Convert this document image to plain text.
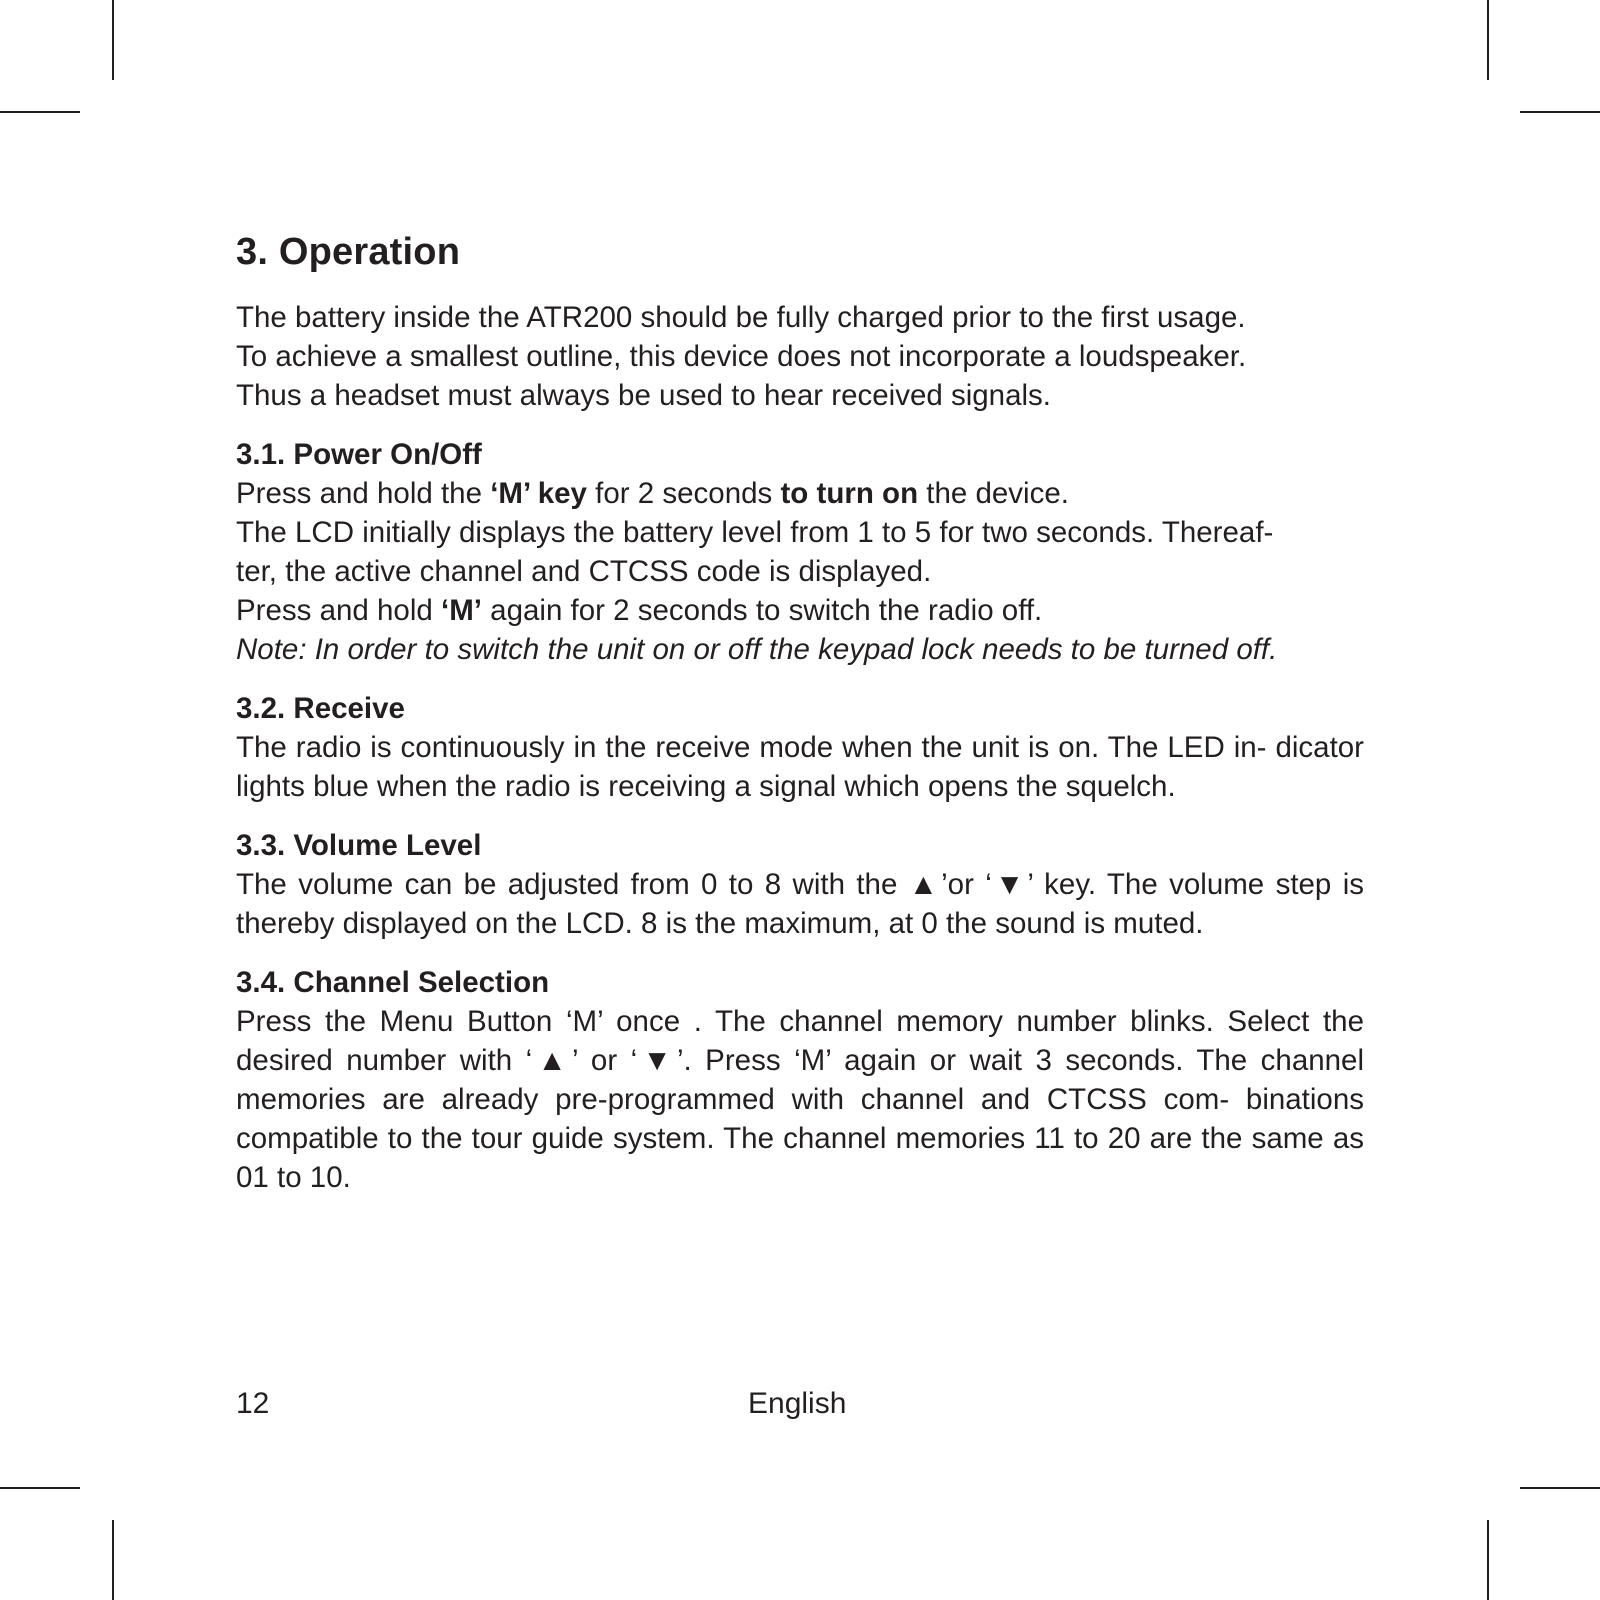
3. Operation

The battery inside the ATR200 should be fully charged prior to the first usage.

To achieve a smallest outline, this device does not incorporate a loudspeaker.

Thus a headset must always be used to hear received signals.

3.1. Power On/Off

Press and hold the ‘M’ key for 2 seconds to turn on the device.

The LCD initially displays the battery level from 1 to 5 for two seconds. Thereaf-

ter, the active channel and CTCSS code is displayed.

Press and hold ‘M’ again for 2 seconds to switch the radio off.

Note: In order to switch the unit on or off the keypad lock needs to be turned off.

3.2. Receive

The radio is continuously in the receive mode when the unit is on. The LED in- dicator lights blue when the radio is receiving a signal which opens the squelch.

3.3. Volume Level

The volume can be adjusted from 0 to 8 with the ▲’or ‘▼’ key. The volume step is thereby displayed on the LCD. 8 is the maximum, at 0 the sound is muted.

3.4. Channel Selection

Press the Menu Button ‘M’ once . The channel memory number blinks. Select the desired number with ‘▲’ or ‘▼’. Press ‘M’ again or wait 3 seconds. The channel memories are already pre-programmed with channel and CTCSS com- binations compatible to the tour guide system. The channel memories 11 to 20 are the same as 01 to 10.

12	English
